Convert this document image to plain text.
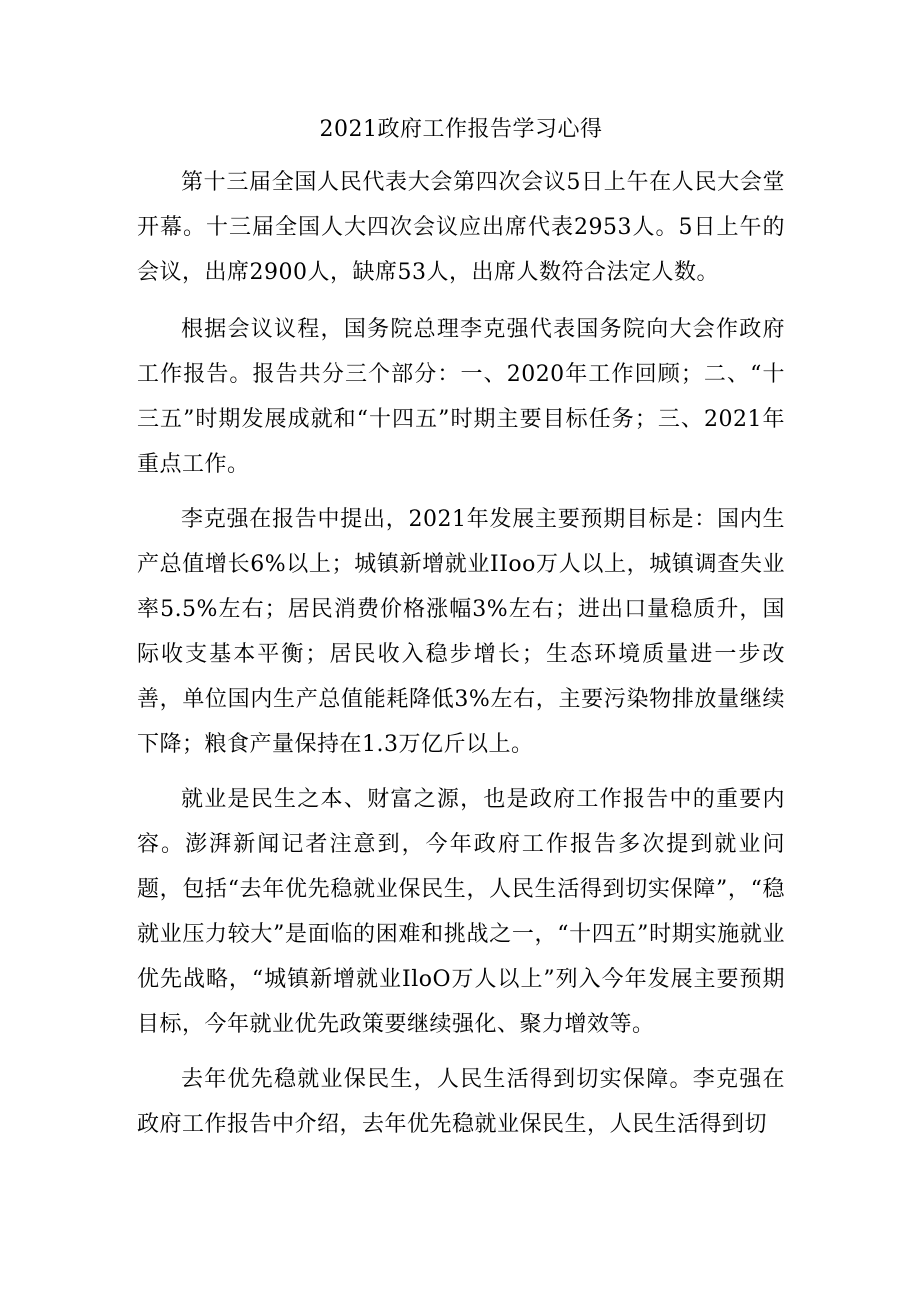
2021政府工作报告学习心得

第十三届全国人民代表大会第四次会议5日上午在人民大会堂开幕。十三届全国人大四次会议应出席代表2953人。5日上午的会议，出席2900人，缺席53人，出席人数符合法定人数。

根据会议议程，国务院总理李克强代表国务院向大会作政府工作报告。报告共分三个部分：一、2020年工作回顾；二、“十三五”时期发展成就和“十四五”时期主要目标任务；三、2021年重点工作。

李克强在报告中提出，2021年发展主要预期目标是：国内生产总值增长6%以上；城镇新增就业IIoo万人以上，城镇调查失业率5.5%左右；居民消费价格涨幅3%左右；进出口量稳质升，国际收支基本平衡；居民收入稳步增长；生态环境质量进一步改善，单位国内生产总值能耗降低3%左右，主要污染物排放量继续下降；粮食产量保持在1.3万亿斤以上。

就业是民生之本、财富之源，也是政府工作报告中的重要内容。澎湃新闻记者注意到，今年政府工作报告多次提到就业问题，包括“去年优先稳就业保民生，人民生活得到切实保障”，“稳就业压力较大”是面临的困难和挑战之一，“十四五”时期实施就业优先战略，“城镇新增就业IloO万人以上”列入今年发展主要预期目标，今年就业优先政策要继续强化、聚力增效等。

去年优先稳就业保民生，人民生活得到切实保障。李克强在政府工作报告中介绍，去年优先稳就业保民生，人民生活得到切
